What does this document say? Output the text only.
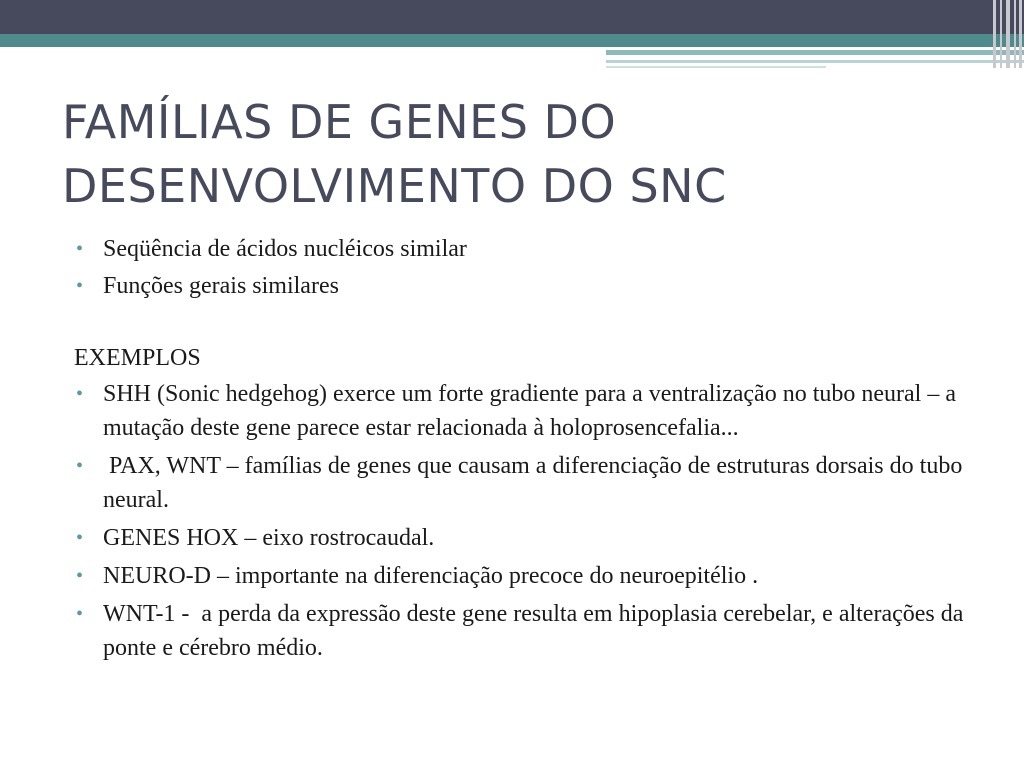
FAMÍLIAS DE GENES DO
DESENVOLVIMENTO DO SNC
• Seqüência de ácidos nucléicos similar
• Funções gerais similares
EXEMPLOS
• SHH (Sonic hedgehog) exerce um forte gradiente para a ventralização no tubo neural – a mutação deste gene parece estar relacionada à holoprosencefalia...
• PAX, WNT – famílias de genes que causam a diferenciação de estruturas dorsais do tubo neural.
• GENES HOX – eixo rostrocaudal.
• NEURO-D – importante na diferenciação precoce do neuroepitélio .
• WNT-1 -  a perda da expressão deste gene resulta em hipoplasia cerebelar, e alterações da ponte e cérebro médio.
